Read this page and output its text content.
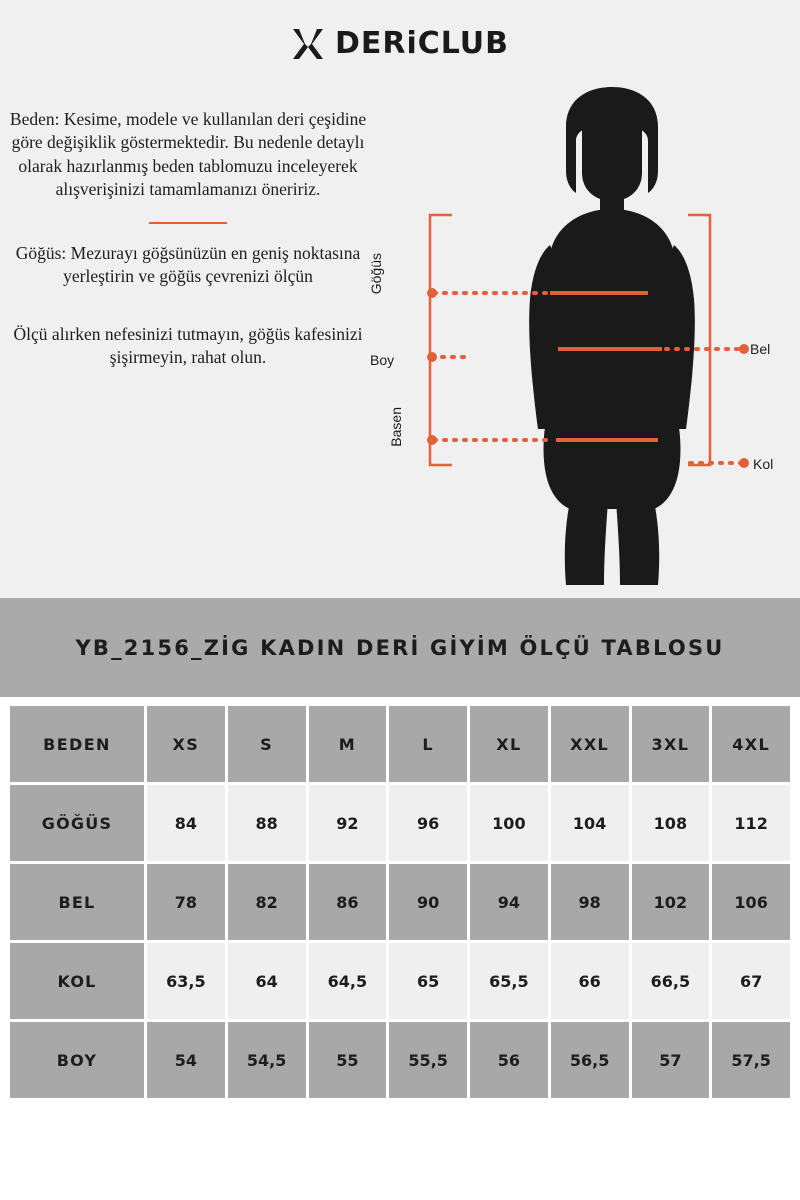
DERiCLUB

Beden: Kesime, modele ve kullanılan deri çeşidine göre değişiklik göstermektedir. Bu nedenle detaylı olarak hazırlanmış beden tablomuzu inceleyerek alışverişinizi tamamlamanızı öneririz.

Göğüs: Mezurayı göğsünüzün en geniş noktasına yerleştirin ve göğüs çevrenizi ölçün

Ölçü alırken nefesinizi tutmayın, göğüs kafesinizi şişirmeyin, rahat olun.

Göğüs
Boy
Basen
Bel
Kol
YB_2156_ZİG KADIN DERİ GİYİM ÖLÇÜ TABLOSU
BEDEN	XS	S	M	L	XL	XXL	3XL	4XL
GÖĞÜS	84	88	92	96	100	104	108	112
BEL	78	82	86	90	94	98	102	106
KOL	63,5	64	64,5	65	65,5	66	66,5	67
BOY	54	54,5	55	55,5	56	56,5	57	57,5
